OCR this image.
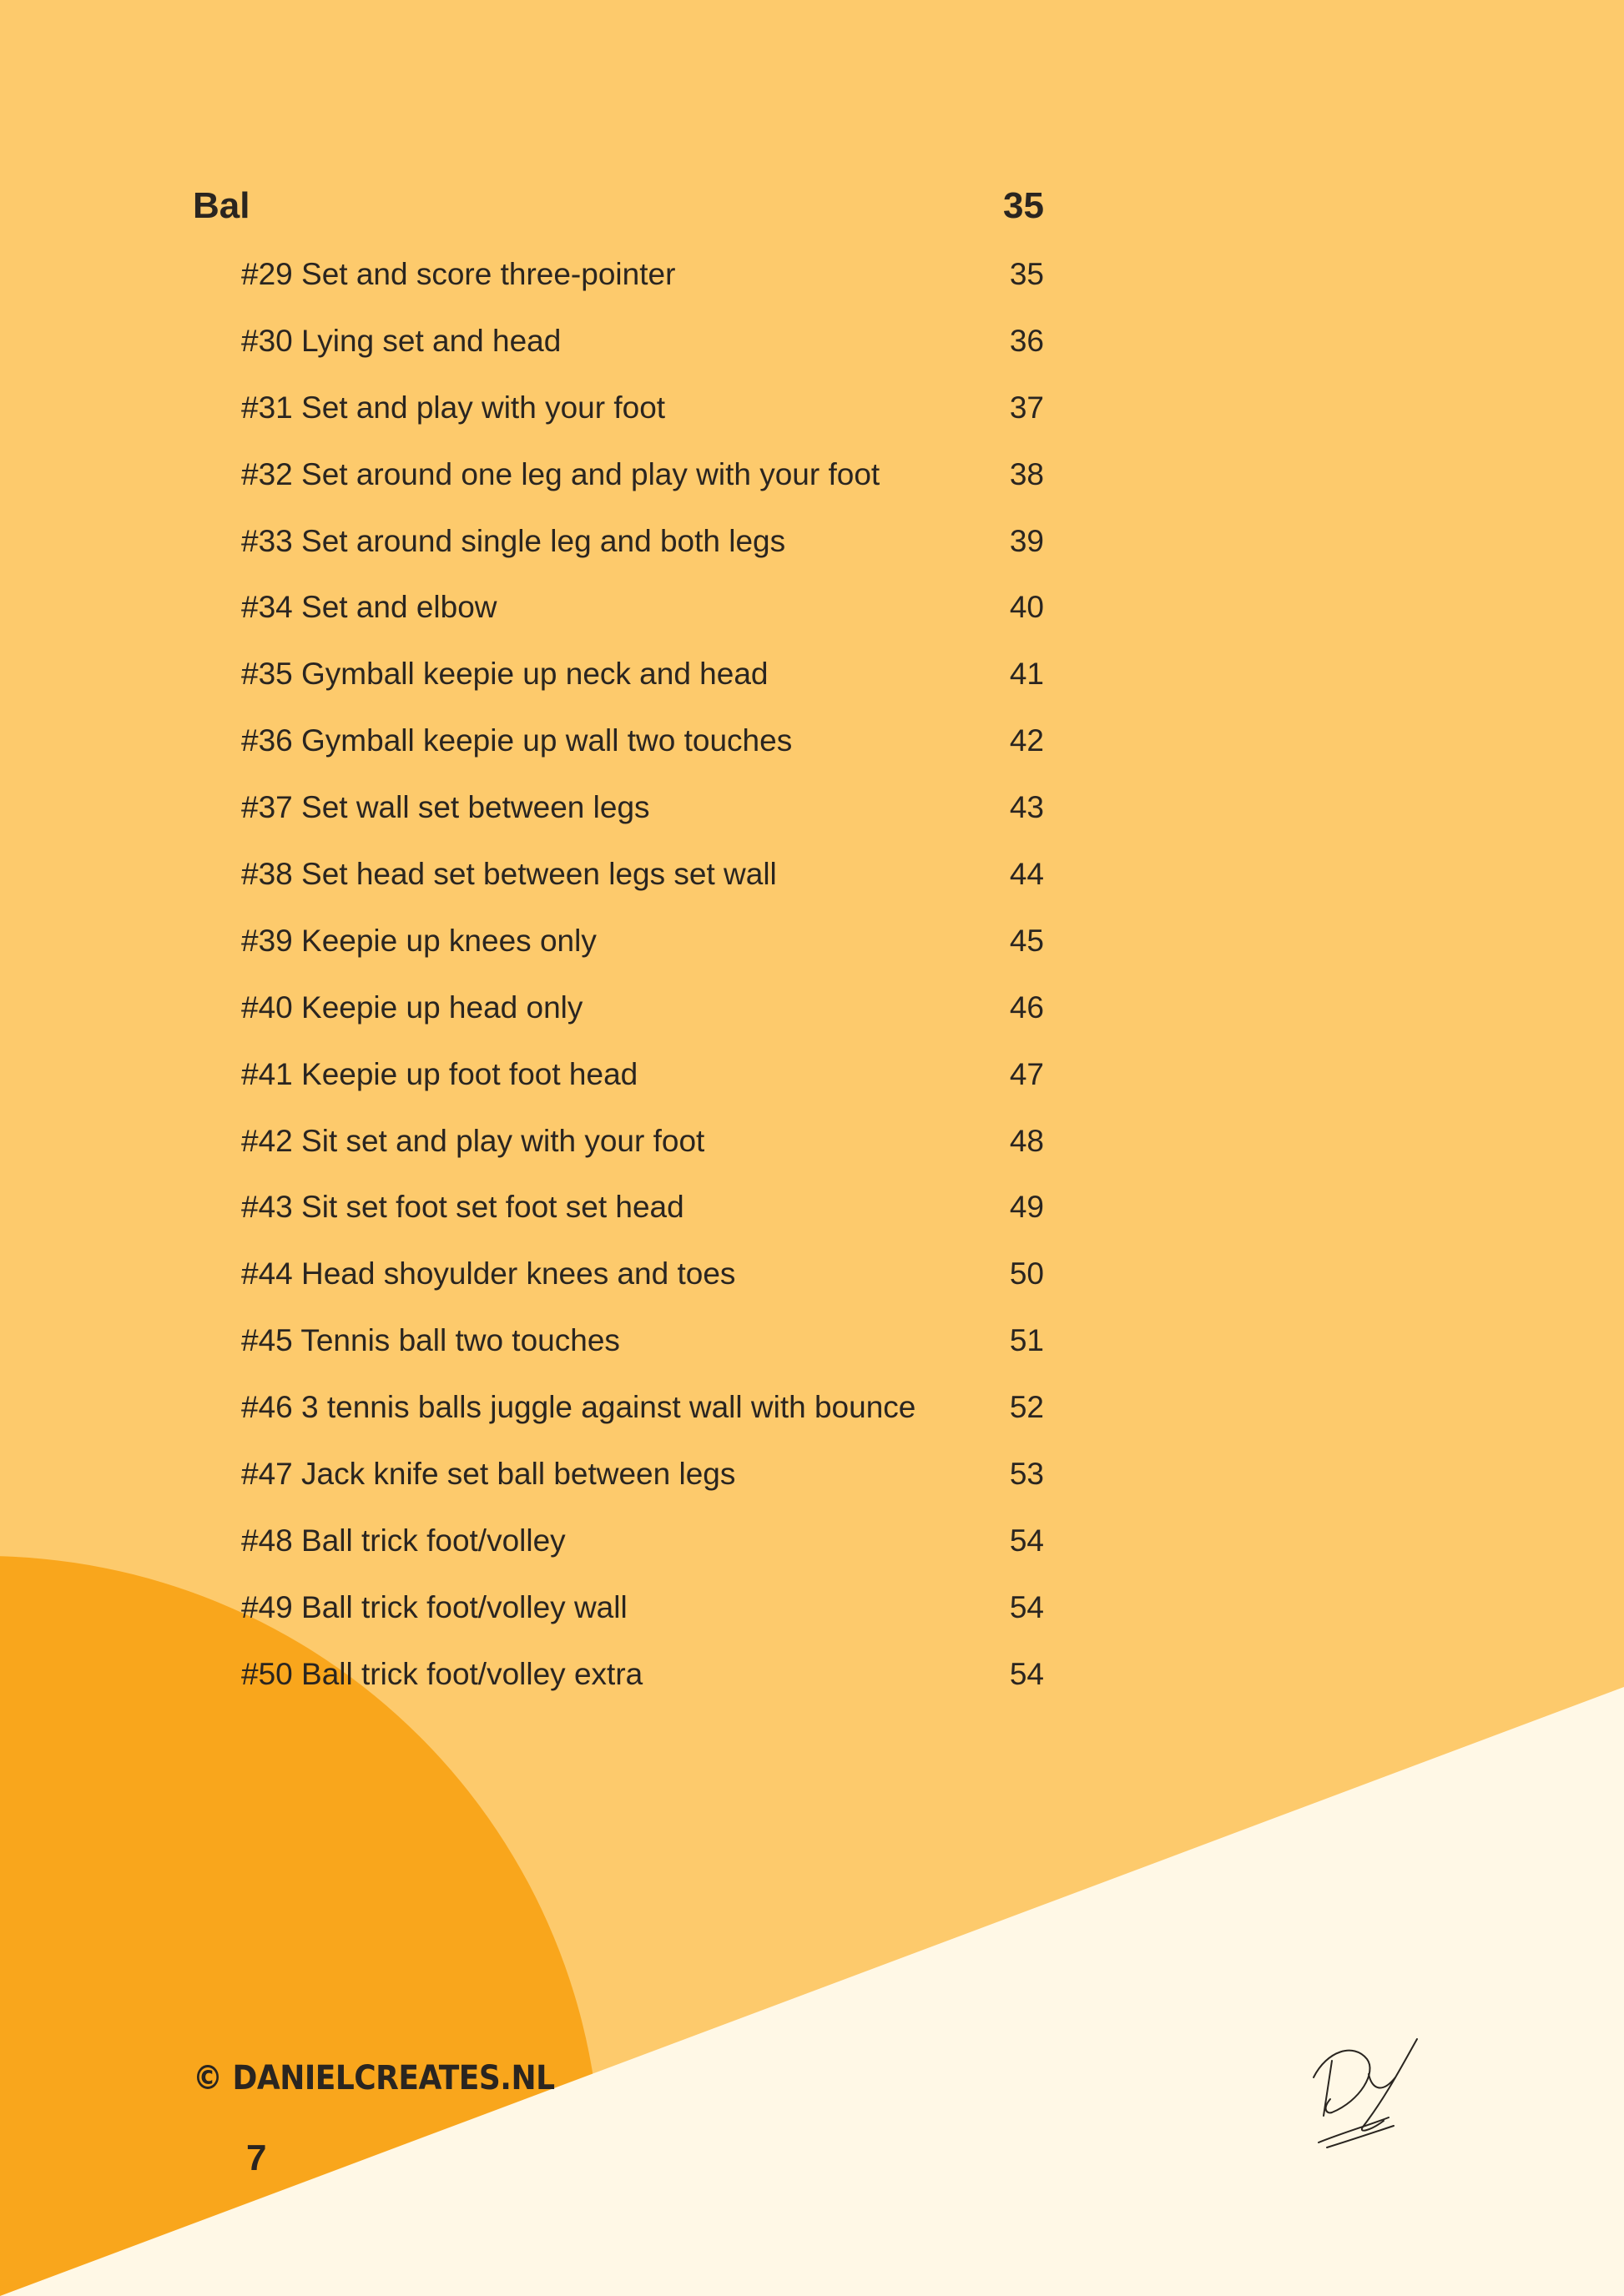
Bal	35
#29 Set and score three-pointer	35
#30 Lying set and head	36
#31 Set and play with your foot	37
#32 Set around one leg and play with your foot	38
#33 Set around single leg and both legs	39
#34 Set and elbow	40
#35 Gymball keepie up neck and head	41
#36 Gymball keepie up wall two touches	42
#37 Set wall set between legs	43
#38 Set head set between legs set wall	44
#39 Keepie up knees only	45
#40 Keepie up head only	46
#41 Keepie up foot foot head	47
#42 Sit set and play with your foot	48
#43 Sit set foot set foot set head	49
#44 Head shoyulder knees and toes	50
#45 Tennis ball two touches	51
#46 3 tennis balls juggle against wall with bounce	52
#47 Jack knife set ball between legs	53
#48 Ball trick foot/volley	54
#49 Ball trick foot/volley wall	54
#50 Ball trick foot/volley extra	54
© DANIELCREATES.NL
7
